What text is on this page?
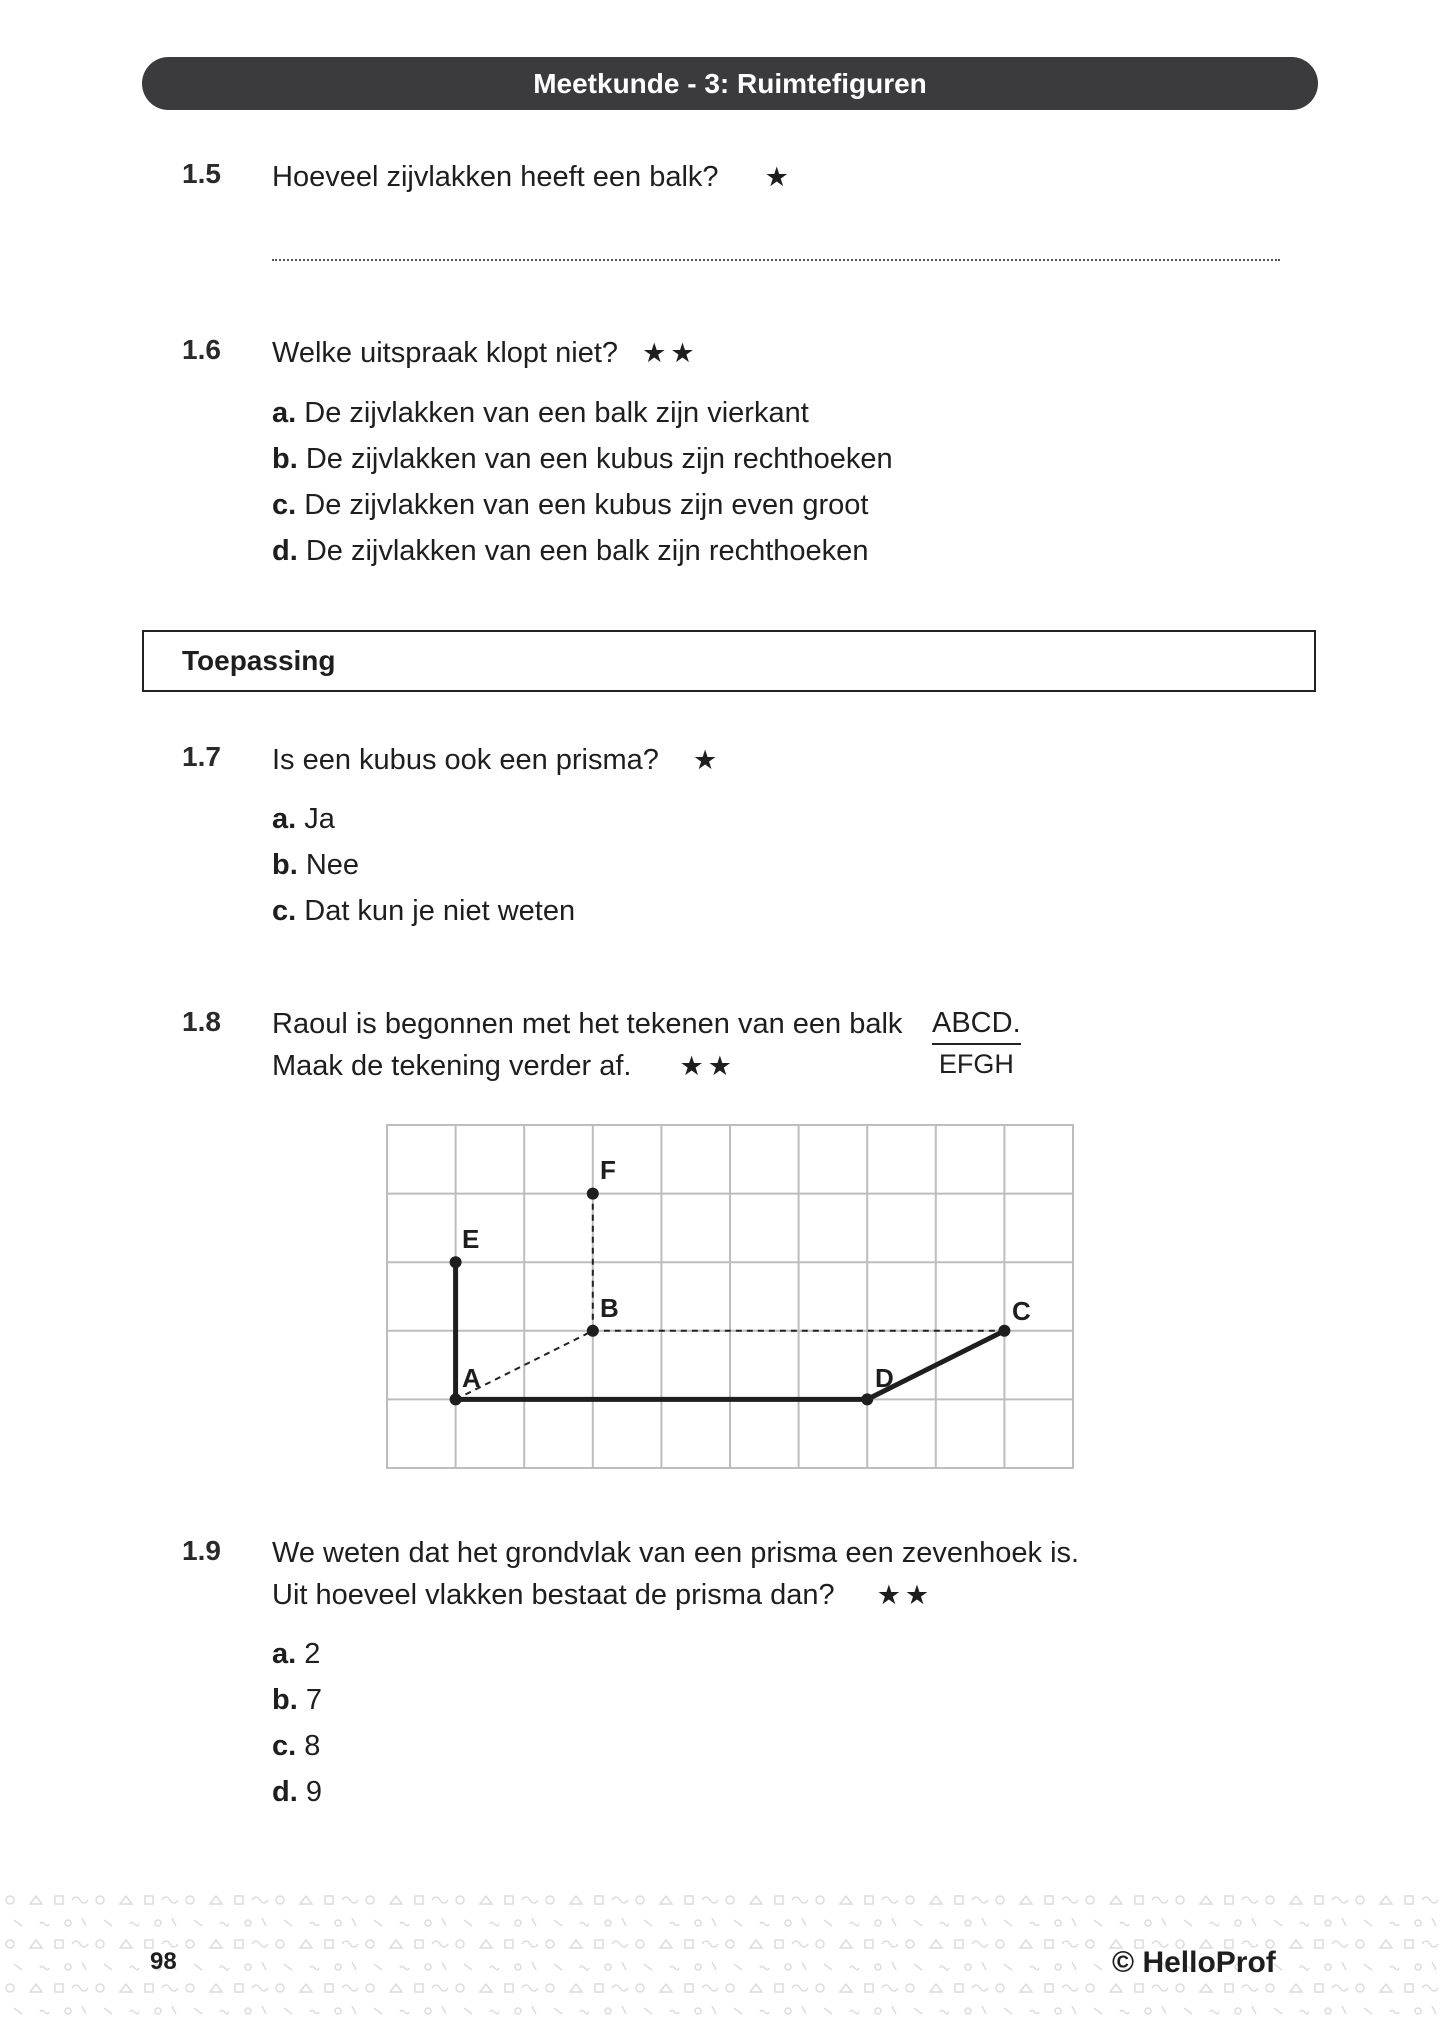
Meetkunde - 3: Ruimtefiguren
1.5 Hoeveel zijvlakken heeft een balk? ★
1.6 Welke uitspraak klopt niet? ★★
a. De zijvlakken van een balk zijn vierkant
b. De zijvlakken van een kubus zijn rechthoeken
c. De zijvlakken van een kubus zijn even groot
d. De zijvlakken van een balk zijn rechthoeken
Toepassing
1.7 Is een kubus ook een prisma? ★
a. Ja
b. Nee
c. Dat kun je niet weten
1.8 Raoul is begonnen met het tekenen van een balk ABCD.
EFGH
Maak de tekening verder af. ★★
A
B	C
D
E
F
1.9 We weten dat het grondvlak van een prisma een zevenhoek is.
Uit hoeveel vlakken bestaat de prisma dan? ★★
a. 2
b. 7
c. 8
d. 9
98	© HelloProf
